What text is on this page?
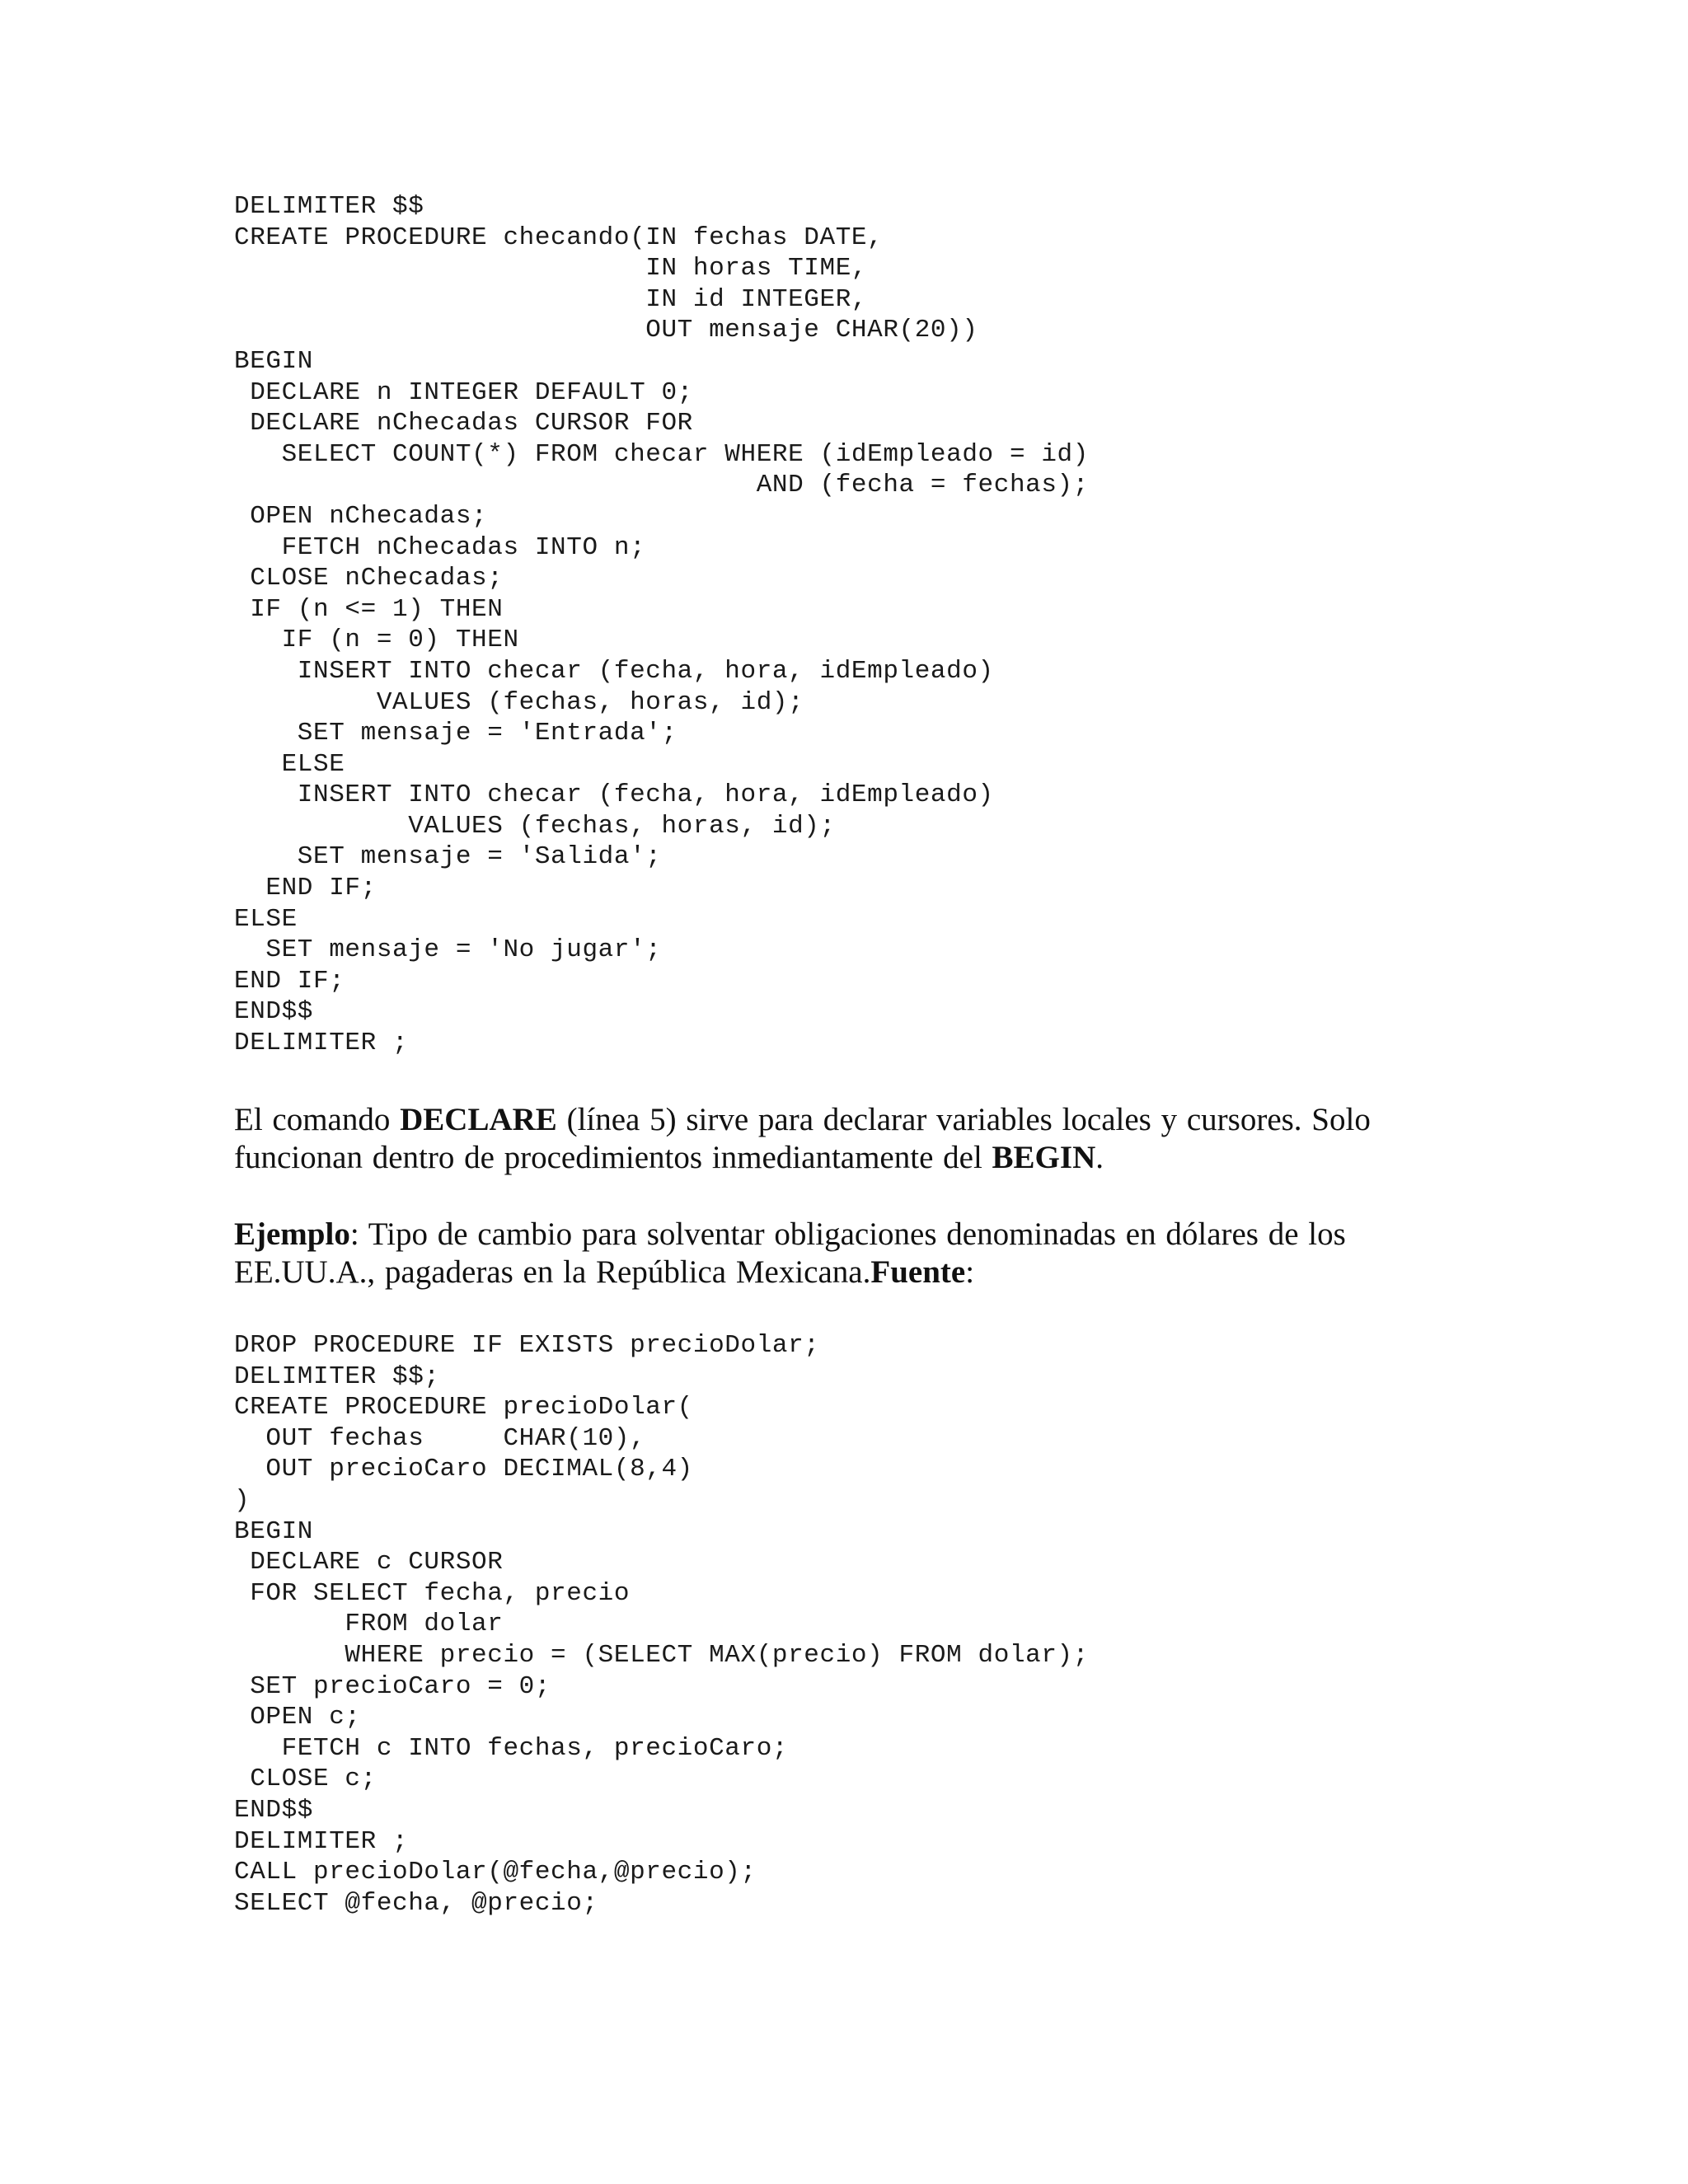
DELIMITER $$
CREATE PROCEDURE checando(IN fechas DATE,
IN horas TIME,
IN id INTEGER,
OUT mensaje CHAR(20))
BEGIN
DECLARE n INTEGER DEFAULT 0;
DECLARE nChecadas CURSOR FOR
SELECT COUNT(*) FROM checar WHERE (idEmpleado = id)
AND (fecha = fechas);
OPEN nChecadas;
FETCH nChecadas INTO n;
CLOSE nChecadas;
IF (n <= 1) THEN
IF (n = 0) THEN
INSERT INTO checar (fecha, hora, idEmpleado)
VALUES (fechas, horas, id);
SET mensaje = 'Entrada';
ELSE
INSERT INTO checar (fecha, hora, idEmpleado)
VALUES (fechas, horas, id);
SET mensaje = 'Salida';
END IF;
ELSE
SET mensaje = 'No jugar';
END IF;
END$$
DELIMITER ;

El comando DECLARE (línea 5) sirve para declarar variables locales y cursores. Solo funcionan dentro de procedimientos inmediantamente del BEGIN.

Ejemplo: Tipo de cambio para solventar obligaciones denominadas en dólares de los EE.UU.A., pagaderas en la República Mexicana.Fuente:

DROP PROCEDURE IF EXISTS precioDolar;
DELIMITER $$;
CREATE PROCEDURE precioDolar(
OUT fechas     CHAR(10),
OUT precioCaro DECIMAL(8,4)
)
BEGIN
DECLARE c CURSOR
FOR SELECT fecha, precio
FROM dolar
WHERE precio = (SELECT MAX(precio) FROM dolar);
SET precioCaro = 0;
OPEN c;
FETCH c INTO fechas, precioCaro;
CLOSE c;
END$$
DELIMITER ;
CALL precioDolar(@fecha,@precio);
SELECT @fecha, @precio;
